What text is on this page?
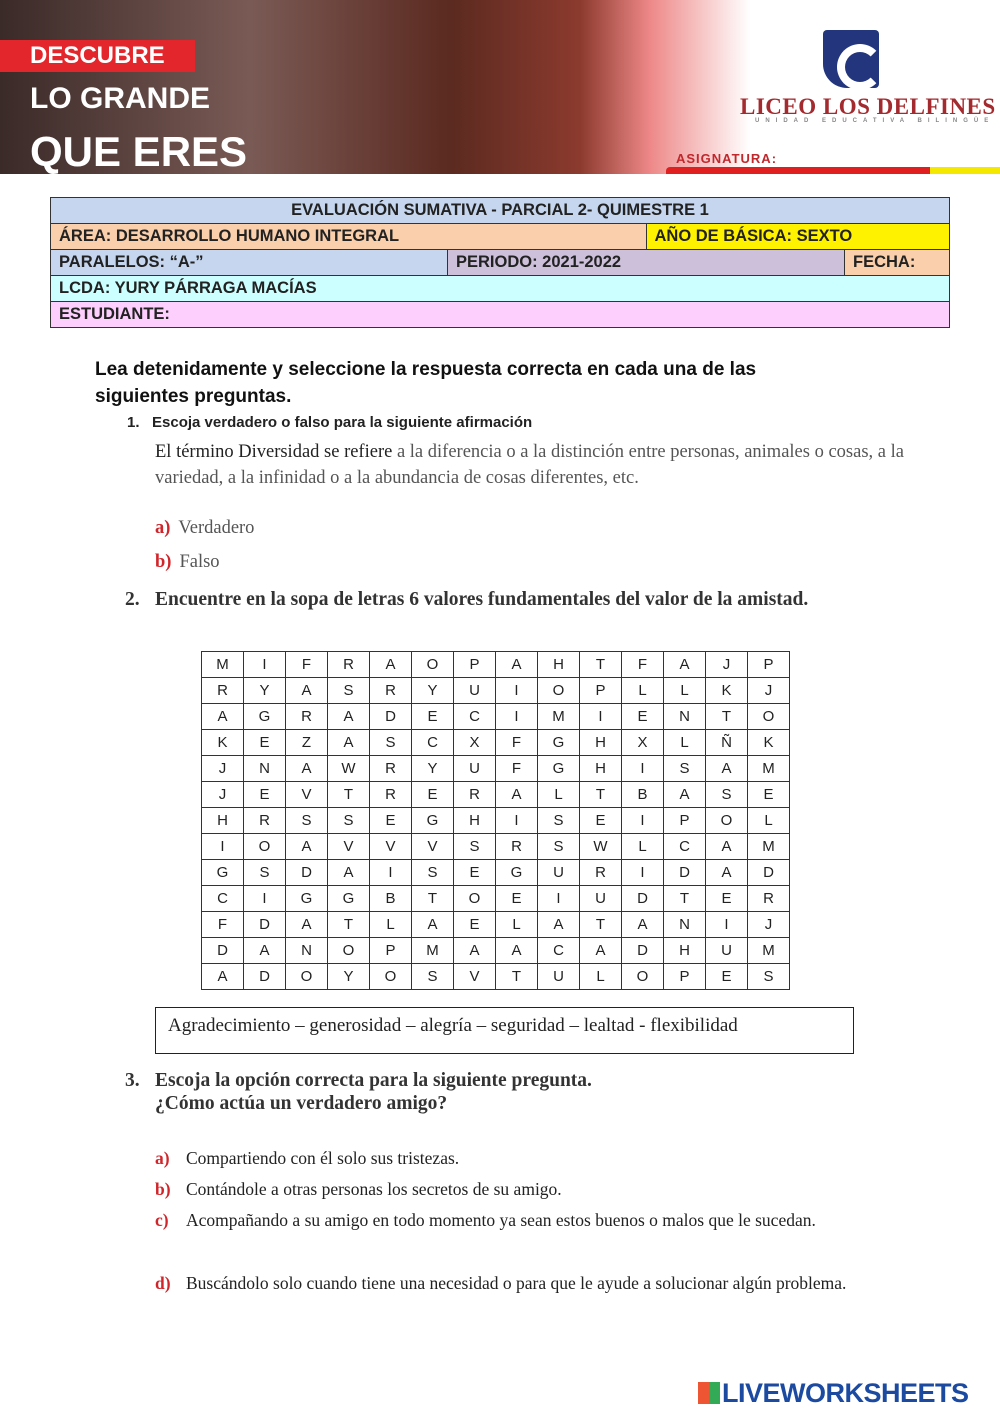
DESCUBRE
LO GRANDE
QUE ERES
LICEO LOS DELFINES
UNIDAD EDUCATIVA BILINGÜE
ASIGNATURA:
EVALUACIÓN SUMATIVA - PARCIAL 2- QUIMESTRE 1			
ÁREA: DESARROLLO HUMANO INTEGRAL		AÑO DE BÁSICA: SEXTO	
PARALELOS: “A-”	PERIODO: 2021-2022		FECHA:
LCDA: YURY PÁRRAGA MACÍAS			
ESTUDIANTE:			
Lea detenidamente y seleccione la respuesta correcta en cada una de las siguientes preguntas.
1. Escoja verdadero o falso para la siguiente afirmación
El término Diversidad se refiere a la diferencia o a la distinción entre personas, animales o cosas, a la variedad, a la infinidad o a la abundancia de cosas diferentes, etc.
a) Verdadero
b) Falso
2. Encuentre en la sopa de letras 6 valores fundamentales del valor de la amistad.
M	I	F	R	A	O	P	A	H	T	F	A	J	P
R	Y	A	S	R	Y	U	I	O	P	L	L	K	J
A	G	R	A	D	E	C	I	M	I	E	N	T	O
K	E	Z	A	S	C	X	F	G	H	X	L	Ñ	K
J	N	A	W	R	Y	U	F	G	H	I	S	A	M
J	E	V	T	R	E	R	A	L	T	B	A	S	E
H	R	S	S	E	G	H	I	S	E	I	P	O	L
I	O	A	V	V	V	S	R	S	W	L	C	A	M
G	S	D	A	I	S	E	G	U	R	I	D	A	D
C	I	G	G	B	T	O	E	I	U	D	T	E	R
F	D	A	T	L	A	E	L	A	T	A	N	I	J
D	A	N	O	P	M	A	A	C	A	D	H	U	M
A	D	O	Y	O	S	V	T	U	L	O	P	E	S
Agradecimiento – generosidad – alegría – seguridad – lealtad - flexibilidad
3. Escoja la opción correcta para la siguiente pregunta.
¿Cómo actúa un verdadero amigo?
a) Compartiendo con él solo sus tristezas.
b) Contándole a otras personas los secretos de su amigo.
c) Acompañando a su amigo en todo momento ya sean estos buenos o malos que le sucedan.
d) Buscándolo solo cuando tiene una necesidad o para que le ayude a solucionar algún problema.
LIVEWORKSHEETS
